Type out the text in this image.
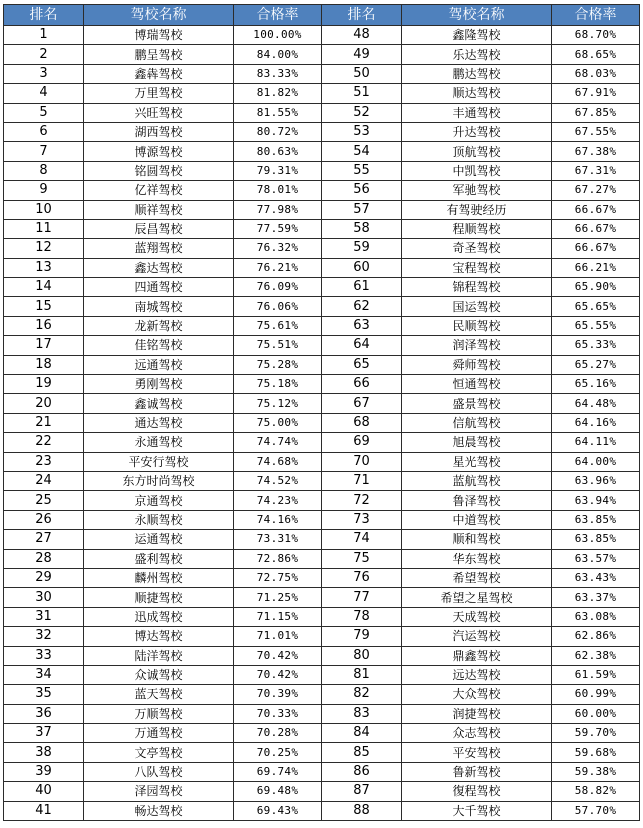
排名	驾校名称	合格率	排名	驾校名称	合格率
1	博瑞驾校	100.00%	48	鑫隆驾校	68.70%
2	鹏呈驾校	84.00%	49	乐达驾校	68.65%
3	鑫犇驾校	83.33%	50	鹏达驾校	68.03%
4	万里驾校	81.82%	51	顺达驾校	67.91%
5	兴旺驾校	81.55%	52	丰通驾校	67.85%
6	湖西驾校	80.72%	53	升达驾校	67.55%
7	博源驾校	80.63%	54	顶航驾校	67.38%
8	铭圆驾校	79.31%	55	中凯驾校	67.31%
9	亿祥驾校	78.01%	56	军驰驾校	67.27%
10	顺祥驾校	77.98%	57	有驾驶经历	66.67%
11	辰昌驾校	77.59%	58	程顺驾校	66.67%
12	蓝翔驾校	76.32%	59	奇圣驾校	66.67%
13	鑫达驾校	76.21%	60	宝程驾校	66.21%
14	四通驾校	76.09%	61	锦程驾校	65.90%
15	南城驾校	76.06%	62	国运驾校	65.65%
16	龙新驾校	75.61%	63	民顺驾校	65.55%
17	佳铭驾校	75.51%	64	润泽驾校	65.33%
18	远通驾校	75.28%	65	舜师驾校	65.27%
19	勇刚驾校	75.18%	66	恒通驾校	65.16%
20	鑫诚驾校	75.12%	67	盛景驾校	64.48%
21	通达驾校	75.00%	68	信航驾校	64.16%
22	永通驾校	74.74%	69	旭晨驾校	64.11%
23	平安行驾校	74.68%	70	星光驾校	64.00%
24	东方时尚驾校	74.52%	71	蓝航驾校	63.96%
25	京通驾校	74.23%	72	鲁泽驾校	63.94%
26	永顺驾校	74.16%	73	中道驾校	63.85%
27	运通驾校	73.31%	74	顺和驾校	63.85%
28	盛利驾校	72.86%	75	华东驾校	63.57%
29	麟州驾校	72.75%	76	希望驾校	63.43%
30	顺捷驾校	71.25%	77	希望之星驾校	63.37%
31	迅成驾校	71.15%	78	天成驾校	63.08%
32	博达驾校	71.01%	79	汽运驾校	62.86%
33	陆洋驾校	70.42%	80	鼎鑫驾校	62.38%
34	众诚驾校	70.42%	81	远达驾校	61.59%
35	蓝天驾校	70.39%	82	大众驾校	60.99%
36	万顺驾校	70.33%	83	润捷驾校	60.00%
37	万通驾校	70.28%	84	众志驾校	59.70%
38	文亭驾校	70.25%	85	平安驾校	59.68%
39	八队驾校	69.74%	86	鲁新驾校	59.38%
40	泽园驾校	69.48%	87	復程驾校	58.82%
41	畅达驾校	69.43%	88	大千驾校	57.70%
